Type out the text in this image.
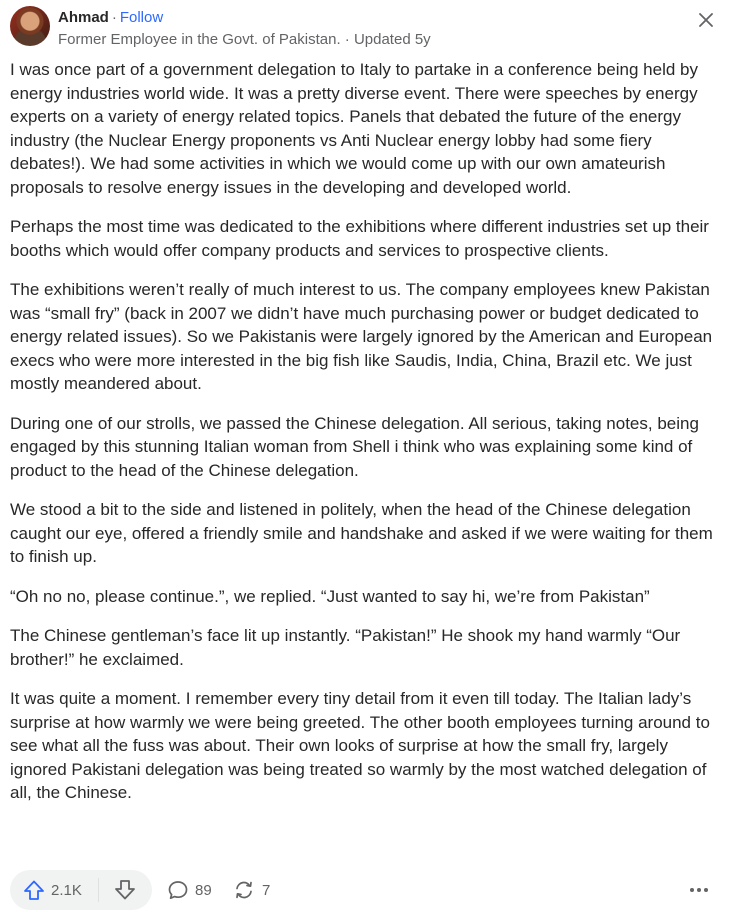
Ahmad · Follow
Former Employee in the Govt. of Pakistan. · Updated 5y

I was once part of a government delegation to Italy to partake in a conference being held by energy industries world wide. It was a pretty diverse event. There were speeches by energy experts on a variety of energy related topics. Panels that debated the future of the energy industry (the Nuclear Energy proponents vs Anti Nuclear energy lobby had some fiery debates!). We had some activities in which we would come up with our own amateurish proposals to resolve energy issues in the developing and developed world.

Perhaps the most time was dedicated to the exhibitions where different industries set up their booths which would offer company products and services to prospective clients.

The exhibitions weren’t really of much interest to us. The company employees knew Pakistan was “small fry” (back in 2007 we didn’t have much purchasing power or budget dedicated to energy related issues). So we Pakistanis were largely ignored by the American and European execs who were more interested in the big fish like Saudis, India, China, Brazil etc. We just mostly meandered about.

During one of our strolls, we passed the Chinese delegation. All serious, taking notes, being engaged by this stunning Italian woman from Shell i think who was explaining some kind of product to the head of the Chinese delegation.

We stood a bit to the side and listened in politely, when the head of the Chinese delegation caught our eye, offered a friendly smile and handshake and asked if we were waiting for them to finish up.

“Oh no no, please continue.”, we replied. “Just wanted to say hi, we’re from Pakistan”

The Chinese gentleman’s face lit up instantly. “Pakistan!” He shook my hand warmly “Our brother!” he exclaimed.

It was quite a moment. I remember every tiny detail from it even till today. The Italian lady’s surprise at how warmly we were being greeted. The other booth employees turning around to see what all the fuss was about. Their own looks of surprise at how the small fry, largely ignored Pakistani delegation was being treated so warmly by the most watched delegation of all, the Chinese.

2.1K	89	7
